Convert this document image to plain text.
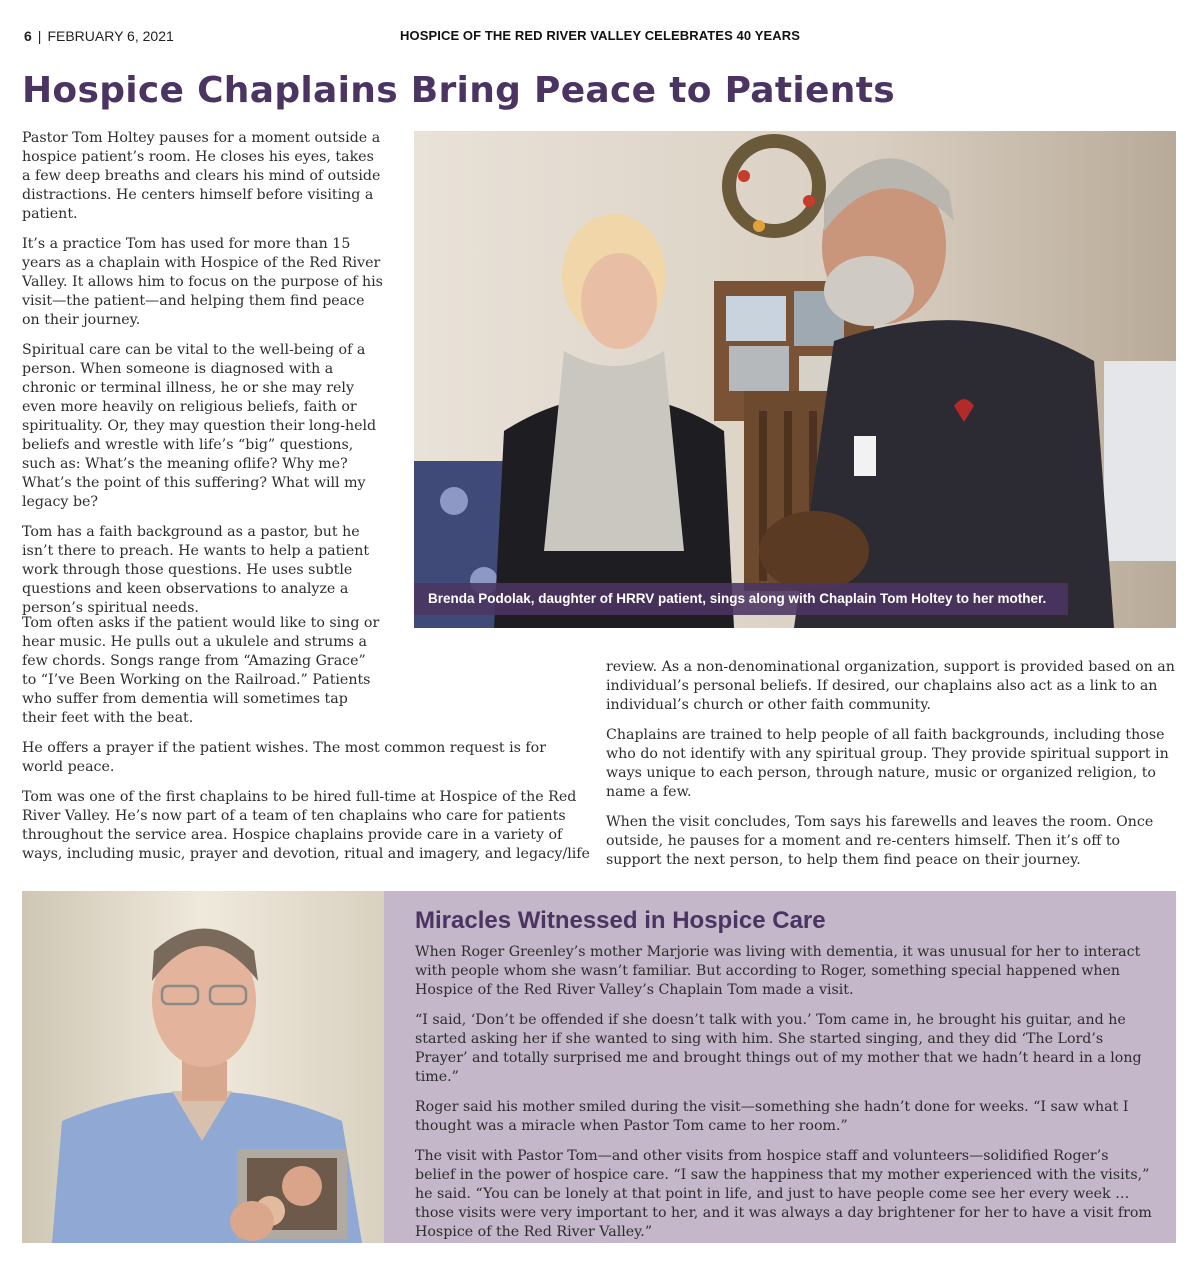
6 | FEBRUARY 6, 2021	HOSPICE OF THE RED RIVER VALLEY CELEBRATES 40 YEARS
Hospice Chaplains Bring Peace to Patients

Pastor Tom Holtey pauses for a moment outside a hospice patient’s room. He closes his eyes, takes a few deep breaths and clears his mind of outside distractions. He centers himself before visiting a patient.

It’s a practice Tom has used for more than 15 years as a chaplain with Hospice of the Red River Valley. It allows him to focus on the purpose of his visit—the patient—and helping them find peace on their journey.

Spiritual care can be vital to the well-being of a person. When someone is diagnosed with a chronic or terminal illness, he or she may rely even more heavily on religious beliefs, faith or spirituality. Or, they may question their long-held beliefs and wrestle with life’s “big” questions, such as: What’s the meaning oflife? Why me? What’s the point of this suffering? What will my legacy be?

Tom has a faith background as a pastor, but he isn’t there to preach. He wants to help a patient work through those questions. He uses subtle questions and keen observations to analyze a person’s spiritual needs.

Brenda Podolak, daughter of HRRV patient, sings along with Chaplain Tom Holtey to her mother.

Tom often asks if the patient would like to sing or hear music. He pulls out a ukulele and strums a few chords. Songs range from “Amazing Grace” to “I’ve Been Working on the Railroad.” Patients who suffer from dementia will sometimes tap their feet with the beat.

He offers a prayer if the patient wishes. The most common request is for world peace.

Tom was one of the first chaplains to be hired full-time at Hospice of the Red River Valley. He’s now part of a team of ten chaplains who care for patients throughout the service area. Hospice chaplains provide care in a variety of ways, including music, prayer and devotion, ritual and imagery, and legacy/life

review. As a non-denominational organization, support is provided based on an individual’s personal beliefs. If desired, our chaplains also act as a link to an individual’s church or other faith community.

Chaplains are trained to help people of all faith backgrounds, including those who do not identify with any spiritual group. They provide spiritual support in ways unique to each person, through nature, music or organized religion, to name a few.

When the visit concludes, Tom says his farewells and leaves the room. Once outside, he pauses for a moment and re-centers himself. Then it’s off to support the next person, to help them find peace on their journey.

Miracles Witnessed in Hospice Care

When Roger Greenley’s mother Marjorie was living with dementia, it was unusual for her to interact with people whom she wasn’t familiar. But according to Roger, something special happened when Hospice of the Red River Valley’s Chaplain Tom made a visit.

“I said, ‘Don’t be offended if she doesn’t talk with you.’ Tom came in, he brought his guitar, and he started asking her if she wanted to sing with him. She started singing, and they did ‘The Lord’s Prayer’ and totally surprised me and brought things out of my mother that we hadn’t heard in a long time.”

Roger said his mother smiled during the visit—something she hadn’t done for weeks. “I saw what I thought was a miracle when Pastor Tom came to her room.”

The visit with Pastor Tom—and other visits from hospice staff and volunteers—solidified Roger’s belief in the power of hospice care. “I saw the happiness that my mother experienced with the visits,” he said. “You can be lonely at that point in life, and just to have people come see her every week … those visits were very important to her, and it was always a day brightener for her to have a visit from Hospice of the Red River Valley.”
